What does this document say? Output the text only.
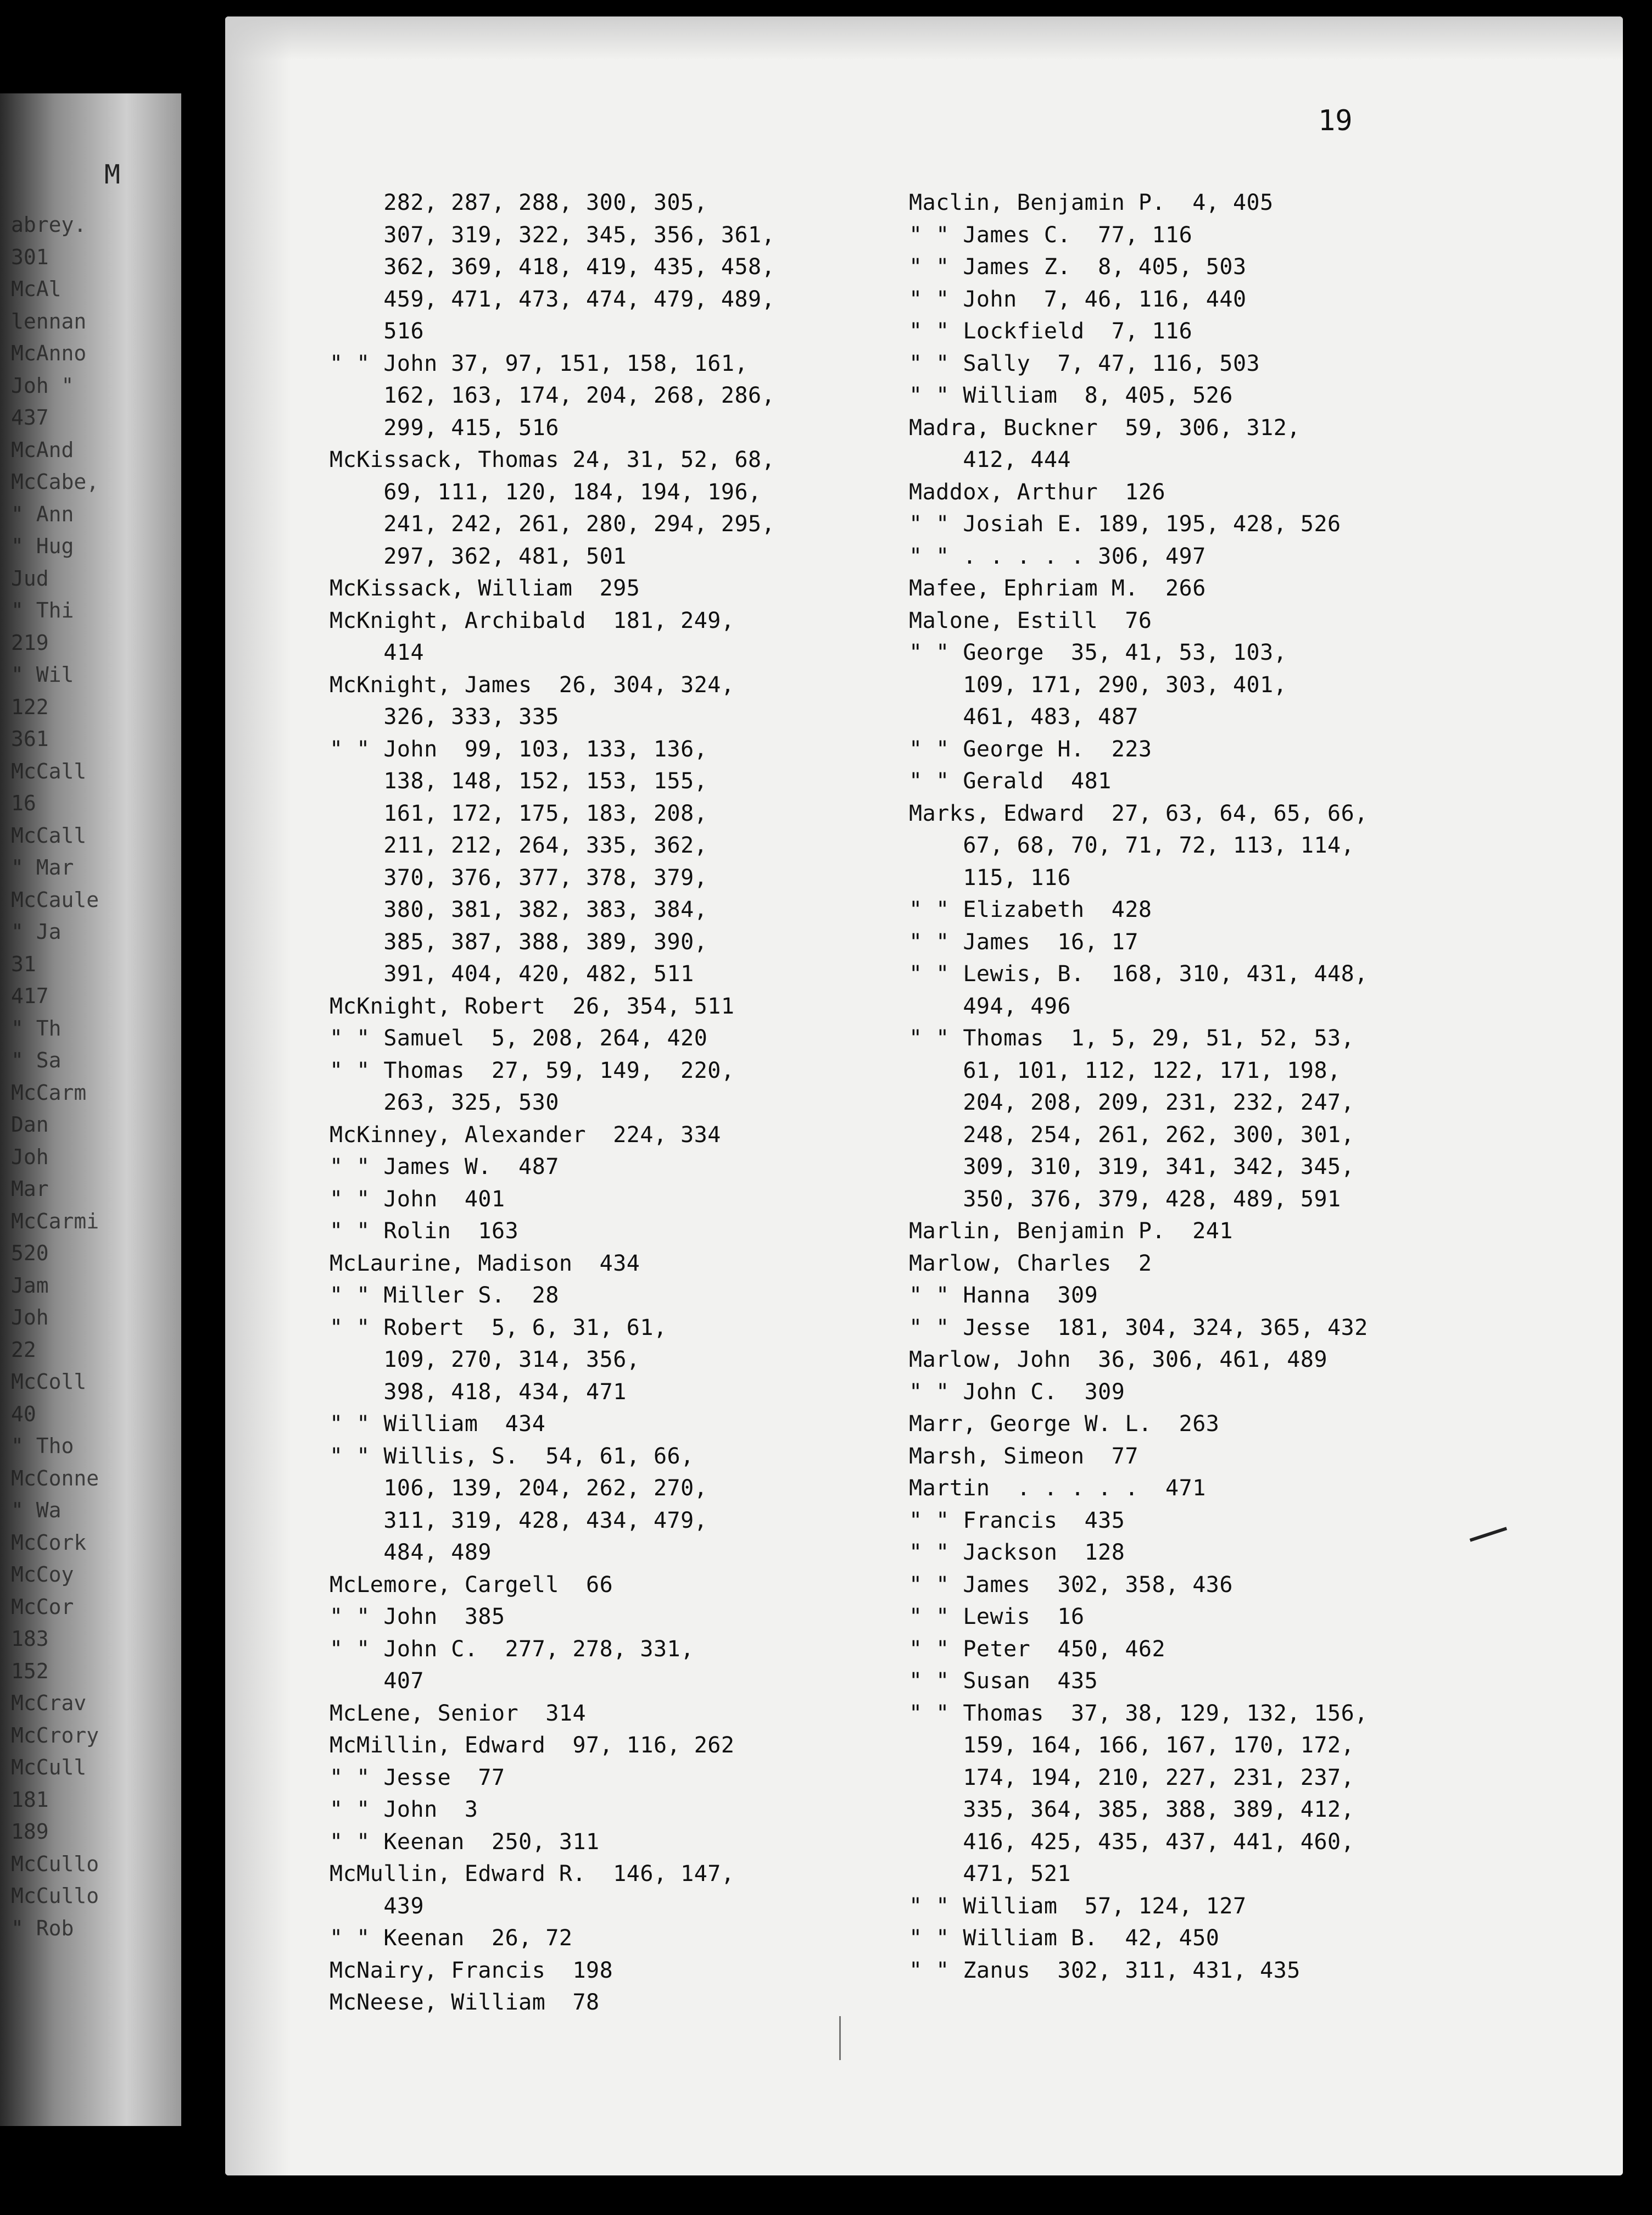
M
abrey.
301
McAl
lennan
McAnno
Joh "
437
McAnd
McCabe,
" Ann
" Hug
Jud
" Thi
219
" Wil
122
361
McCall
16
McCall
" Mar
McCaule
" Ja
31
417
" Th
" Sa
McCarm
Dan
Joh
Mar
McCarmi
520
Jam
Joh
22
McColl
40
" Tho
McConne
" Wa
McCork
McCoy
McCor
183
152
McCrav
McCrory
McCull
181
189
McCullo
McCullo
" Rob
19
282, 287, 288, 300, 305,
307, 319, 322, 345, 356, 361,
362, 369, 418, 419, 435, 458,
459, 471, 473, 474, 479, 489,
516
" " John 37, 97, 151, 158, 161,
162, 163, 174, 204, 268, 286,
299, 415, 516
McKissack, Thomas 24, 31, 52, 68,
69, 111, 120, 184, 194, 196,
241, 242, 261, 280, 294, 295,
297, 362, 481, 501
McKissack, William  295
McKnight, Archibald  181, 249,
414
McKnight, James  26, 304, 324,
326, 333, 335
" " John  99, 103, 133, 136,
138, 148, 152, 153, 155,
161, 172, 175, 183, 208,
211, 212, 264, 335, 362,
370, 376, 377, 378, 379,
380, 381, 382, 383, 384,
385, 387, 388, 389, 390,
391, 404, 420, 482, 511
McKnight, Robert  26, 354, 511
" " Samuel  5, 208, 264, 420
" " Thomas  27, 59, 149,  220,
263, 325, 530
McKinney, Alexander  224, 334
" " James W.  487
" " John  401
" " Rolin  163
McLaurine, Madison  434
" " Miller S.  28
" " Robert  5, 6, 31, 61,
109, 270, 314, 356,
398, 418, 434, 471
" " William  434
" " Willis, S.  54, 61, 66,
106, 139, 204, 262, 270,
311, 319, 428, 434, 479,
484, 489
McLemore, Cargell  66
" " John  385
" " John C.  277, 278, 331,
407
McLene, Senior  314
McMillin, Edward  97, 116, 262
" " Jesse  77
" " John  3
" " Keenan  250, 311
McMullin, Edward R.  146, 147,
439
" " Keenan  26, 72
McNairy, Francis  198
McNeese, William  78
Maclin, Benjamin P.  4, 405
" " James C.  77, 116
" " James Z.  8, 405, 503
" " John  7, 46, 116, 440
" " Lockfield  7, 116
" " Sally  7, 47, 116, 503
" " William  8, 405, 526
Madra, Buckner  59, 306, 312,
412, 444
Maddox, Arthur  126
" " Josiah E. 189, 195, 428, 526
" " . . . . . 306, 497
Mafee, Ephriam M.  266
Malone, Estill  76
" " George  35, 41, 53, 103,
109, 171, 290, 303, 401,
461, 483, 487
" " George H.  223
" " Gerald  481
Marks, Edward  27, 63, 64, 65, 66,
67, 68, 70, 71, 72, 113, 114,
115, 116
" " Elizabeth  428
" " James  16, 17
" " Lewis, B.  168, 310, 431, 448,
494, 496
" " Thomas  1, 5, 29, 51, 52, 53,
61, 101, 112, 122, 171, 198,
204, 208, 209, 231, 232, 247,
248, 254, 261, 262, 300, 301,
309, 310, 319, 341, 342, 345,
350, 376, 379, 428, 489, 591
Marlin, Benjamin P.  241
Marlow, Charles  2
" " Hanna  309
" " Jesse  181, 304, 324, 365, 432
Marlow, John  36, 306, 461, 489
" " John C.  309
Marr, George W. L.  263
Marsh, Simeon  77
Martin  . . . . .  471
" " Francis  435
" " Jackson  128
" " James  302, 358, 436
" " Lewis  16
" " Peter  450, 462
" " Susan  435
" " Thomas  37, 38, 129, 132, 156,
159, 164, 166, 167, 170, 172,
174, 194, 210, 227, 231, 237,
335, 364, 385, 388, 389, 412,
416, 425, 435, 437, 441, 460,
471, 521
" " William  57, 124, 127
" " William B.  42, 450
" " Zanus  302, 311, 431, 435
